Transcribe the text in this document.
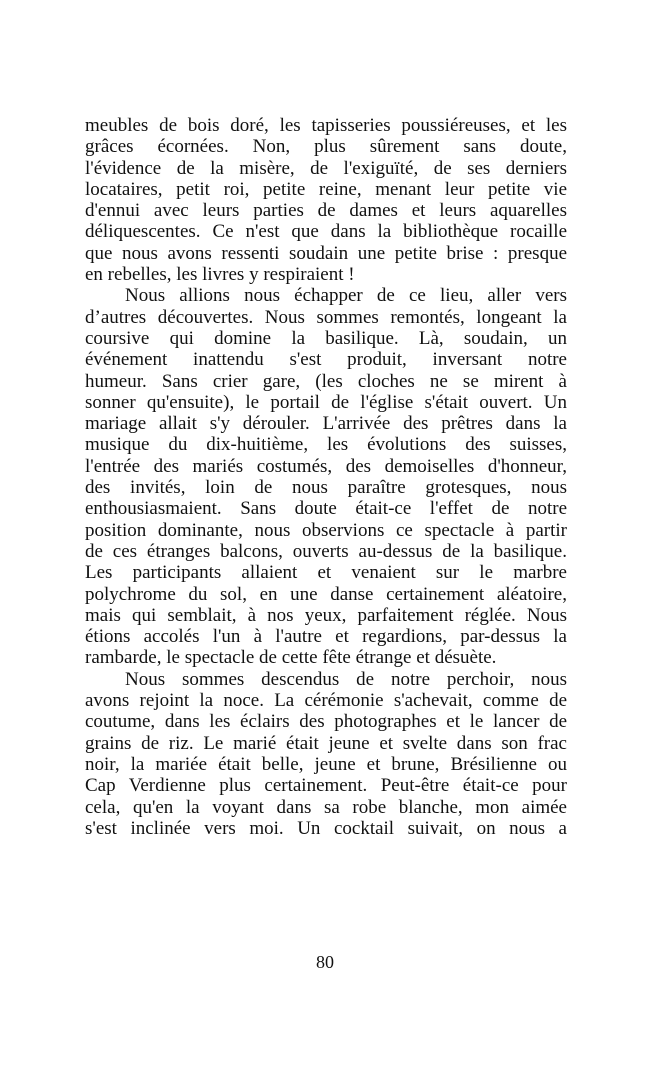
meubles de bois doré, les tapisseries poussiéreuses, et les
grâces écornées. Non, plus sûrement sans doute,
l'évidence de la misère, de l'exiguïté, de ses derniers
locataires, petit roi, petite reine, menant leur petite vie
d'ennui avec leurs parties de dames et leurs aquarelles
déliquescentes. Ce n'est que dans la bibliothèque rocaille
que nous avons ressenti soudain une petite brise : presque
en rebelles, les livres y respiraient !
Nous allions nous échapper de ce lieu, aller vers
d’autres découvertes. Nous sommes remontés, longeant la
coursive qui domine la basilique. Là, soudain, un
événement inattendu s'est produit, inversant notre
humeur. Sans crier gare, (les cloches ne se mirent à
sonner qu'ensuite), le portail de l'église s'était ouvert. Un
mariage allait s'y dérouler. L'arrivée des prêtres dans la
musique du dix-huitième, les évolutions des suisses,
l'entrée des mariés costumés, des demoiselles d'honneur,
des invités, loin de nous paraître grotesques, nous
enthousiasmaient. Sans doute était-ce l'effet de notre
position dominante, nous observions ce spectacle à partir
de ces étranges balcons, ouverts au-dessus de la basilique.
Les participants allaient et venaient sur le marbre
polychrome du sol, en une danse certainement aléatoire,
mais qui semblait, à nos yeux, parfaitement réglée. Nous
étions accolés l'un à l'autre et regardions, par-dessus la
rambarde, le spectacle de cette fête étrange et désuète.
Nous sommes descendus de notre perchoir, nous
avons rejoint la noce. La cérémonie s'achevait, comme de
coutume, dans les éclairs des photographes et le lancer de
grains de riz. Le marié était jeune et svelte dans son frac
noir, la mariée était belle, jeune et brune, Brésilienne ou
Cap Verdienne plus certainement. Peut-être était-ce pour
cela, qu'en la voyant dans sa robe blanche, mon aimée
s'est inclinée vers moi. Un cocktail suivait, on nous a
80
